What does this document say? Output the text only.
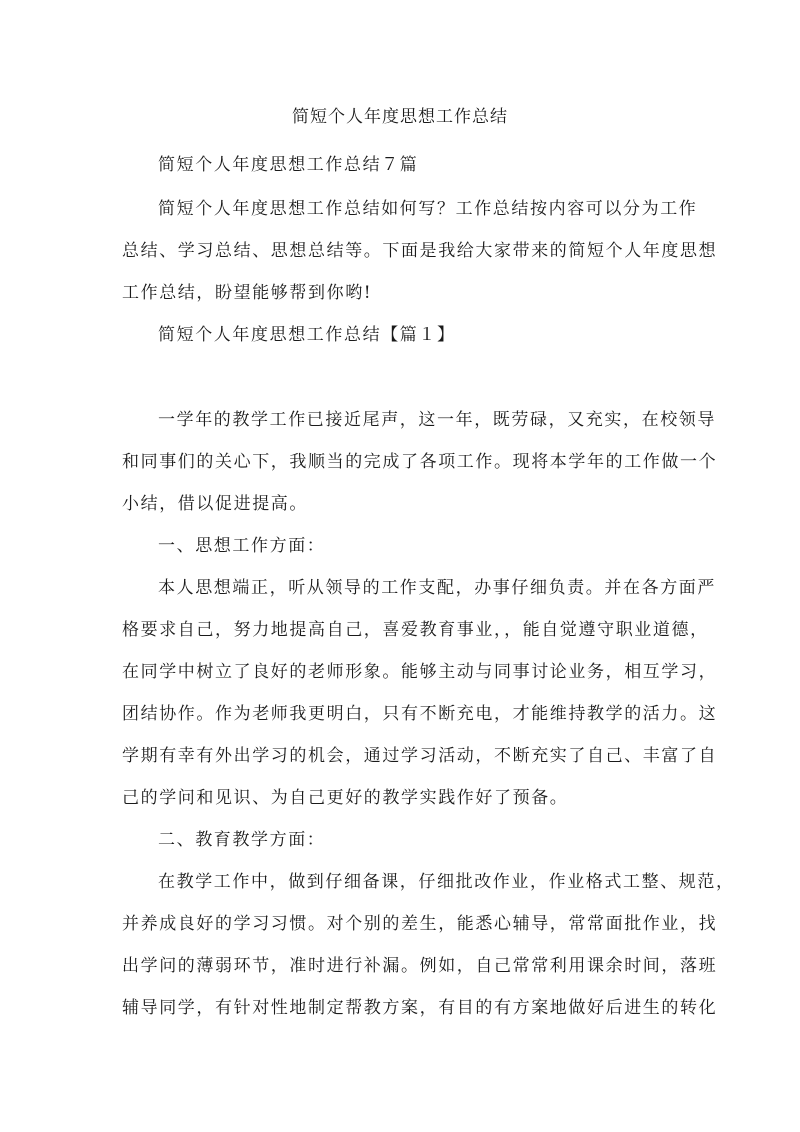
简短个人年度思想工作总结
简短个人年度思想工作总结７篇
简短个人年度思想工作总结如何写？工作总结按内容可以分为工作
总结、学习总结、思想总结等。下面是我给大家带来的简短个人年度思想
工作总结，盼望能够帮到你哟!
简短个人年度思想工作总结【篇１】
一学年的教学工作已接近尾声，这一年，既劳碌，又充实，在校领导
和同事们的关心下，我顺当的完成了各项工作。现将本学年的工作做一个
小结，借以促进提高。
一、思想工作方面：
本人思想端正，听从领导的工作支配，办事仔细负责。并在各方面严
格要求自己，努力地提高自己，喜爱教育事业，，能自觉遵守职业道德，
在同学中树立了良好的老师形象。能够主动与同事讨论业务，相互学习，
团结协作。作为老师我更明白，只有不断充电，才能维持教学的活力。这
学期有幸有外出学习的机会，通过学习活动，不断充实了自己、丰富了自
己的学问和见识、为自己更好的教学实践作好了预备。
二、教育教学方面：
在教学工作中，做到仔细备课，仔细批改作业，作业格式工整、规范，
并养成良好的学习习惯。对个别的差生，能悉心辅导，常常面批作业，找
出学问的薄弱环节，准时进行补漏。例如，自己常常利用课余时间，落班
辅导同学，有针对性地制定帮教方案，有目的有方案地做好后进生的转化
